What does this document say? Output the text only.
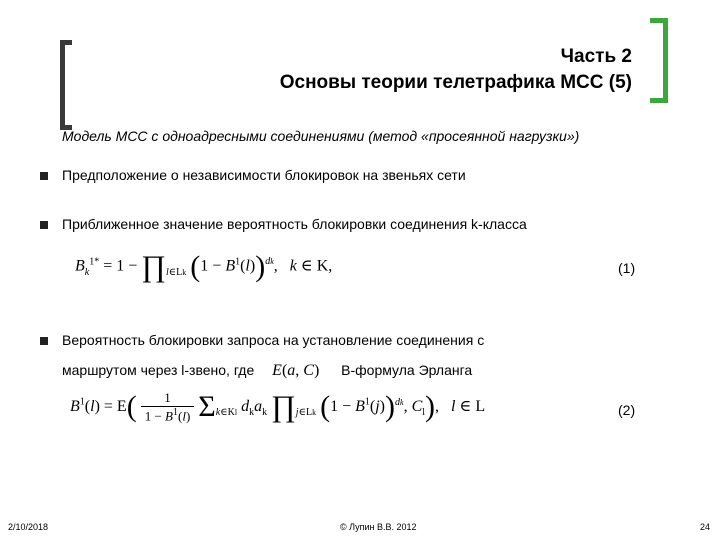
Часть 2
Основы теории телетрафика МСС (5)
Модель МСС с одноадресными соединениями (метод «просеянной нагрузки»)
Предположение о независимости блокировок на звеньях сети
Приближенное значение вероятность блокировки соединения k-класса
$B_k^{1*} = 1$ − $\prod_{l\in Lk}$ $(1 - B^1(l))^{dk}$,   k ∈ K,	(1)
Вероятность блокировки запроса на установление соединения с
маршрутом через l-звено, где E(a, C) B-формула Эрланга
$B^1(l) = E( \frac{1}{1 - B^1(l)} \Sigma_{k\in Kl}$ $d_ka_k$ $\prod_{j\in Lk}$ $(1 - B^1(j))^{dk}$, $C_l$),   l ∈ L	(2)
2/10/2018	© Лупин В.В. 2012	24
